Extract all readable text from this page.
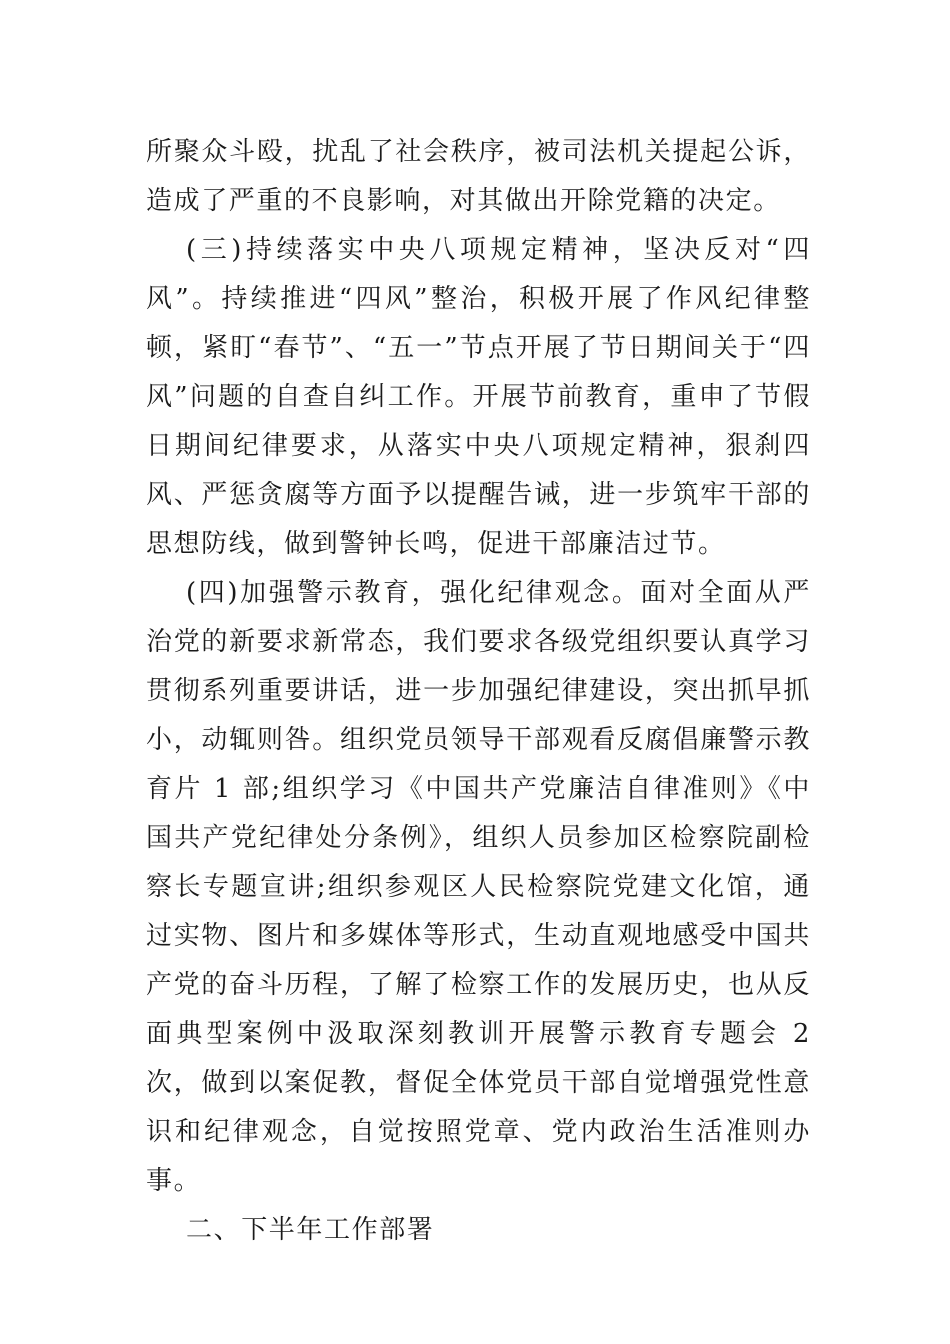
所聚众斗殴，扰乱了社会秩序，被司法机关提起公诉，造成了严重的不良影响，对其做出开除党籍的决定。

(三)持续落实中央八项规定精神，坚决反对“四风”。持续推进“四风”整治，积极开展了作风纪律整顿，紧盯“春节”、“五一”节点开展了节日期间关于“四风”问题的自查自纠工作。开展节前教育，重申了节假日期间纪律要求，从落实中央八项规定精神，狠刹四风、严惩贪腐等方面予以提醒告诫，进一步筑牢干部的思想防线，做到警钟长鸣，促进干部廉洁过节。

(四)加强警示教育，强化纪律观念。面对全面从严治党的新要求新常态，我们要求各级党组织要认真学习贯彻系列重要讲话，进一步加强纪律建设，突出抓早抓小，动辄则咎。组织党员领导干部观看反腐倡廉警示教育片 1 部;组织学习《中国共产党廉洁自律准则》《中国共产党纪律处分条例》，组织人员参加区检察院副检察长专题宣讲;组织参观区人民检察院党建文化馆，通过实物、图片和多媒体等形式，生动直观地感受中国共产党的奋斗历程，了解了检察工作的发展历史，也从反面典型案例中汲取深刻教训开展警示教育专题会 2 次，做到以案促教，督促全体党员干部自觉增强党性意识和纪律观念，自觉按照党章、党内政治生活准则办事。

二、下半年工作部署
